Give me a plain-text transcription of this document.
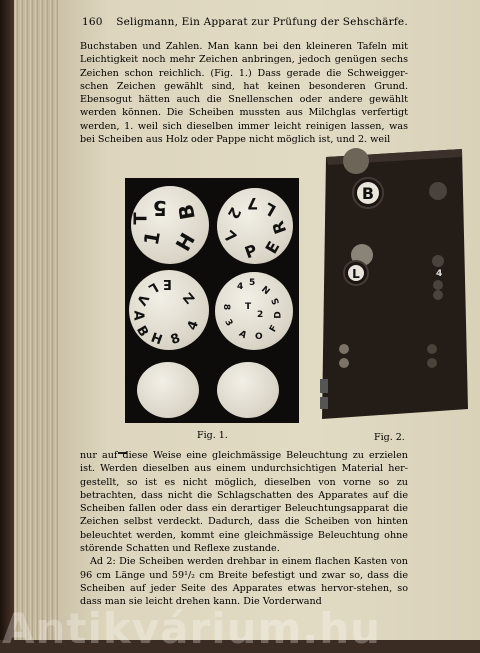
160 Seligmann, Ein Apparat zur Prüfung der Sehschärfe.

Buchstaben und Zahlen. Man kann bei den kleineren Tafeln mit Leichtigkeit noch mehr Zeichen anbringen, jedoch genügen sechs Zeichen schon reichlich. (Fig. 1.) Dass gerade die Schweigger-schen Zeichen gewählt sind, hat keinen besonderen Grund. Ebensogut hätten auch die Snellenschen oder andere gewählt werden können. Die Scheiben mussten aus Milchglas verfertigt werden, 1. weil sich dieselben immer leicht reinigen lassen, was bei Scheiben aus Holz oder Pappe nicht möglich ist, und 2. weil

1
5 B
H
T
7 L
R
E
P
7
2
E
L
V
A
B
H 8
4
Z
4 5 N
S
D
F
O
A
3
8 T
2
B
L	4
Fig. 1.	Fig. 2.
nur auf diese Weise eine gleichmässige Beleuchtung zu erzielen ist. Werden dieselben aus einem undurchsichtigen Material her-gestellt, so ist es nicht möglich, dieselben von vorne so zu betrachten, dass nicht die Schlagschatten des Apparates auf die Scheiben fallen oder dass ein derartiger Beleuchtungsapparat die Zeichen selbst verdeckt. Dadurch, dass die Scheiben von hinten beleuchtet werden, kommt eine gleichmässige Beleuchtung ohne störende Schatten und Reflexe zustande.
Ad 2: Die Scheiben werden drehbar in einem flachen Kasten von 96 cm Länge und 59¹/₂ cm Breite befestigt und zwar so, dass die Scheiben auf jeder Seite des Apparates etwas hervor-stehen, so dass man sie leicht drehen kann. Die Vorderwand
Antikvárium.hu
